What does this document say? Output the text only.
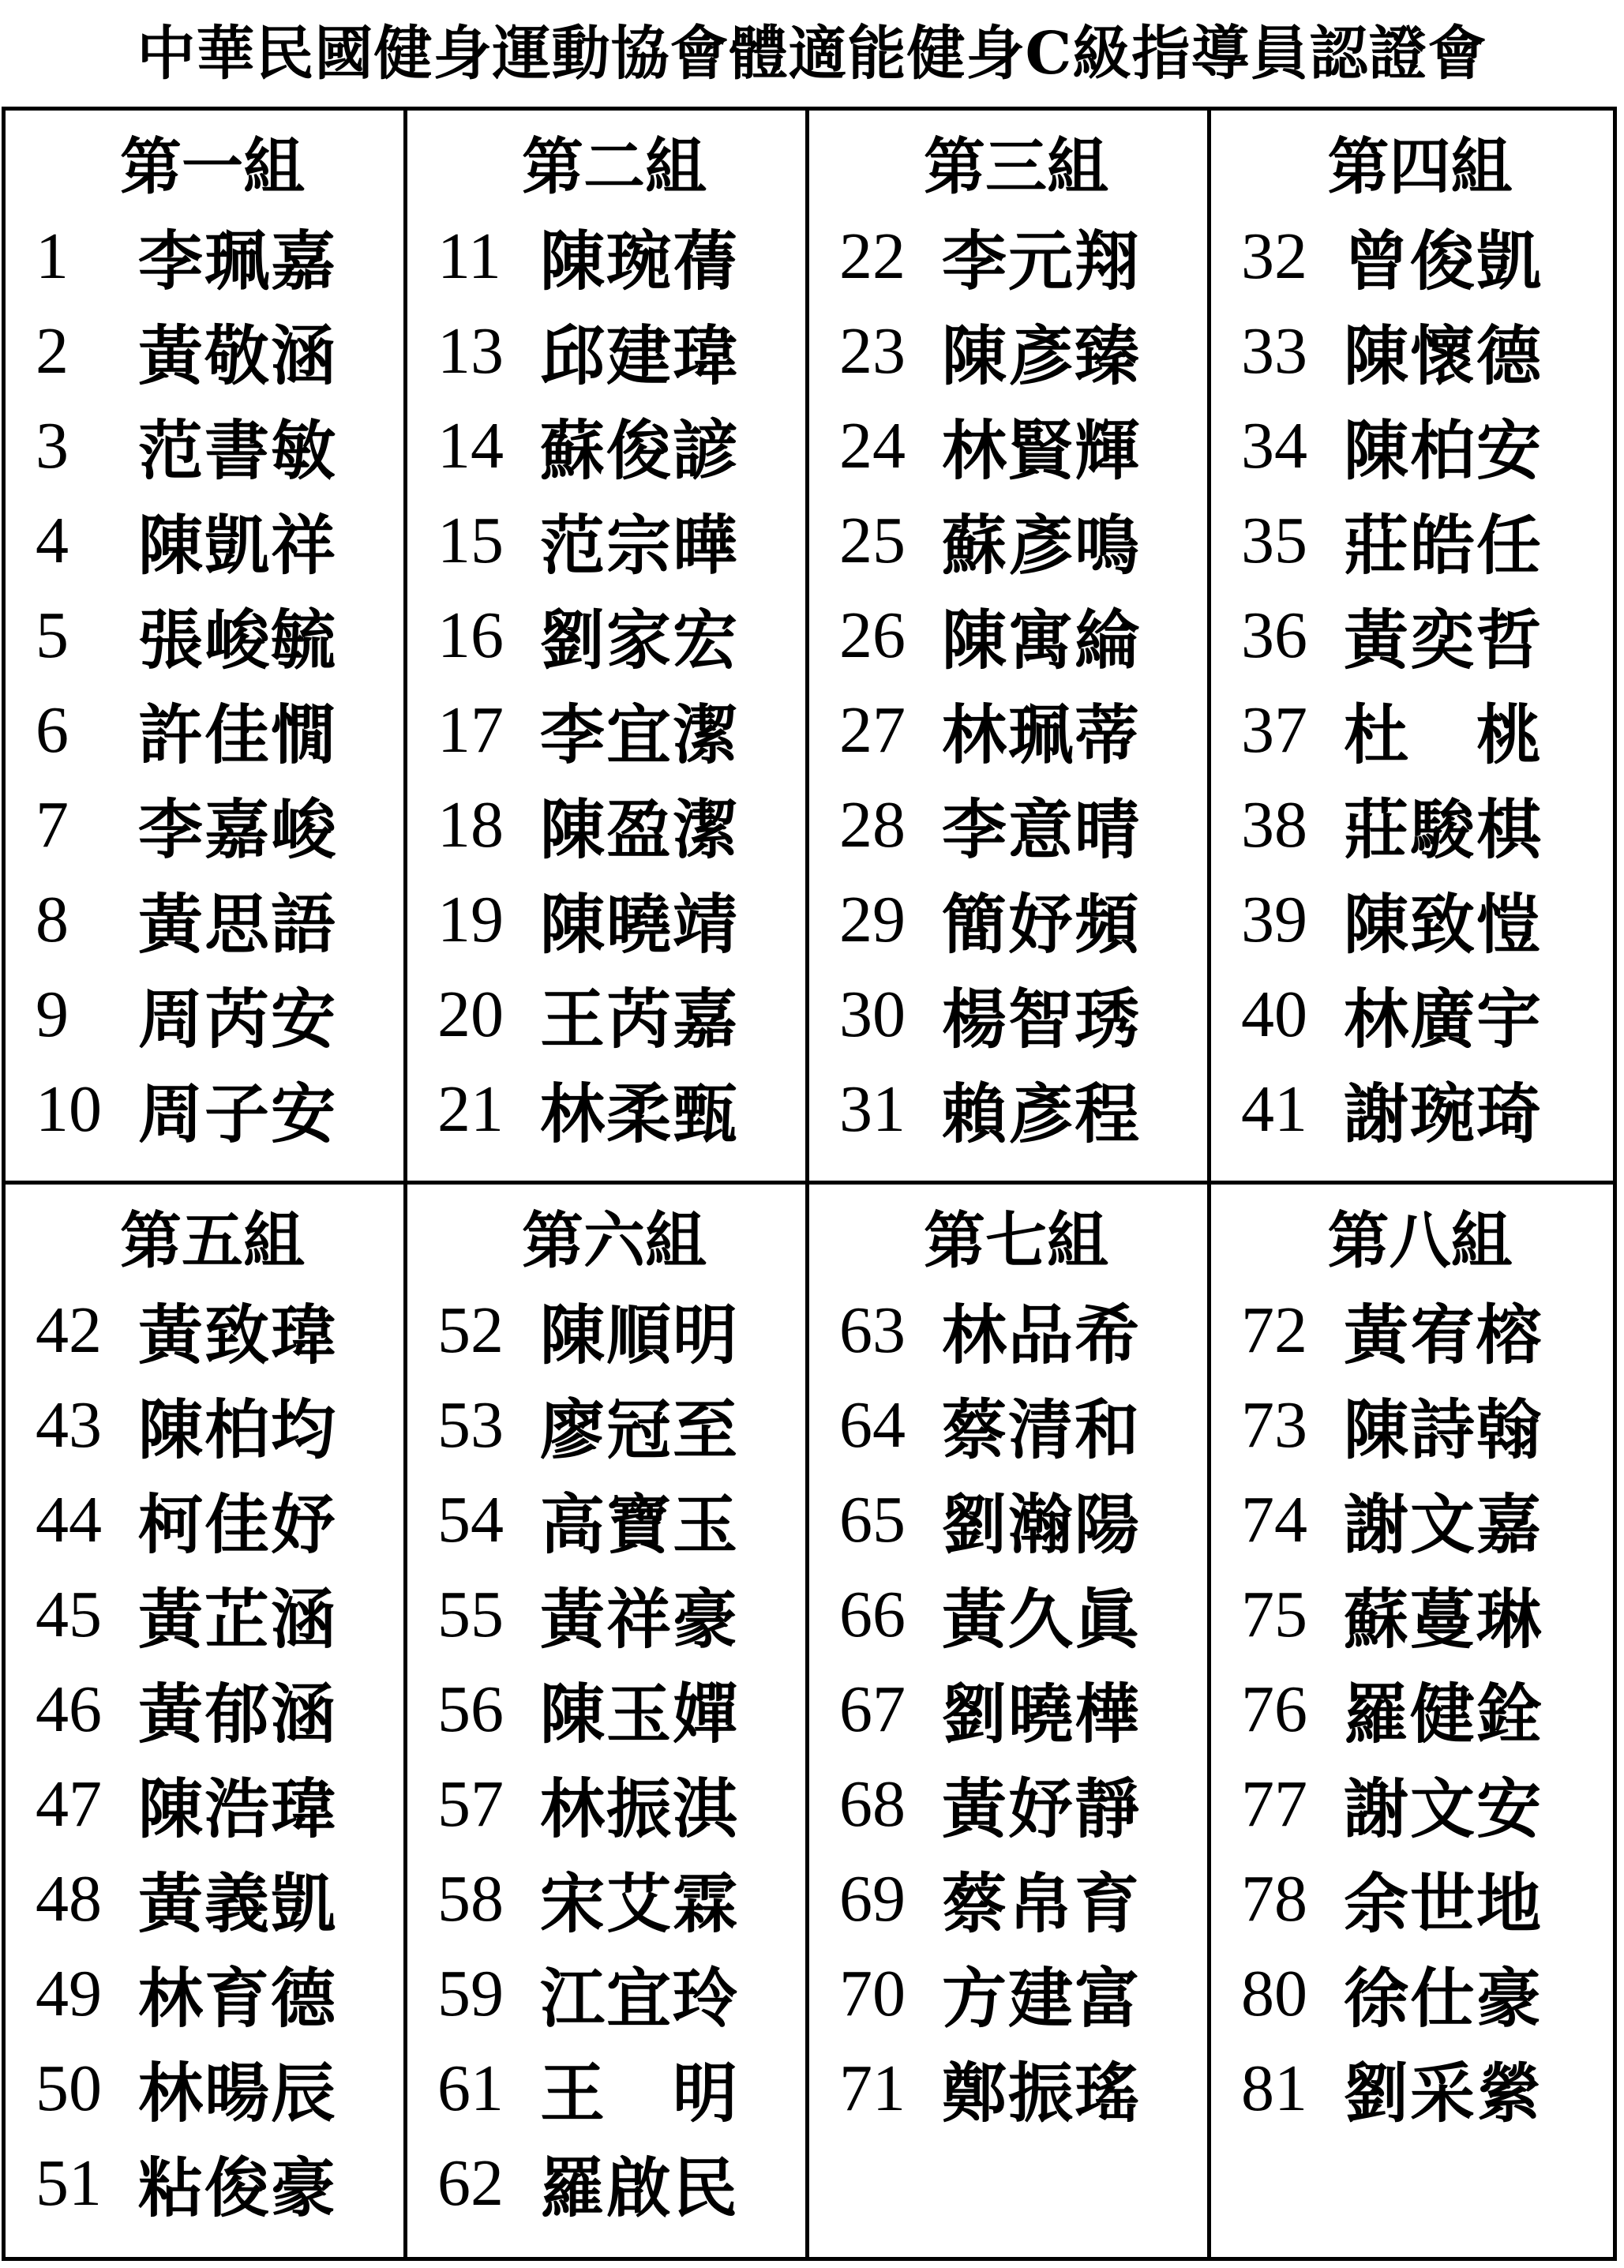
中華民國健身運動協會體適能健身C級指導員認證會
第一組
1	李珮嘉
2	黃敬涵
3	范書敏
4	陳凱祥
5	張峻毓
6	許佳憪
7	李嘉峻
8	黃思語
9	周芮安
10 周子安
第二組
11 陳琬蒨
13 邱建瑋
14 蘇俊諺
15 范宗曄
16 劉家宏
17 李宜潔
18 陳盈潔
19 陳曉靖
20 王芮嘉
21 林柔甄
第三組
22 李元翔
23 陳彥臻
24 林賢輝
25 蘇彥鳴
26 陳寓綸
27 林珮蒂
28 李意晴
29 簡妤頻
30 楊智琇
31 賴彥程
第四組
32 曾俊凱
33 陳懷德
34 陳柏安
35 莊皓任
36 黃奕哲
37 杜　桃
38 莊駿棋
39 陳致愷
40 林廣宇
41 謝琬琦
第五組
42 黃致瑋
43 陳柏均
44 柯佳妤
45 黃芷涵
46 黃郁涵
47 陳浩瑋
48 黃義凱
49 林育德
50 林暘辰
51 粘俊豪
第六組
52 陳順明
53 廖冠至
54 高寶玉
55 黃祥豪
56 陳玉嬋
57 林振淇
58 宋艾霖
59 江宜玲
61 王　明
62 羅啟民
第七組
63 林品希
64 蔡清和
65 劉瀚陽
66 黃久眞
67 劉曉樺
68 黃妤靜
69 蔡帛育
70 方建富
71 鄭振瑤
第八組
72 黃宥榕
73 陳詩翰
74 謝文嘉
75 蘇蔓琳
76 羅健銓
77 謝文安
78 余世地
80 徐仕豪
81 劉采縈
